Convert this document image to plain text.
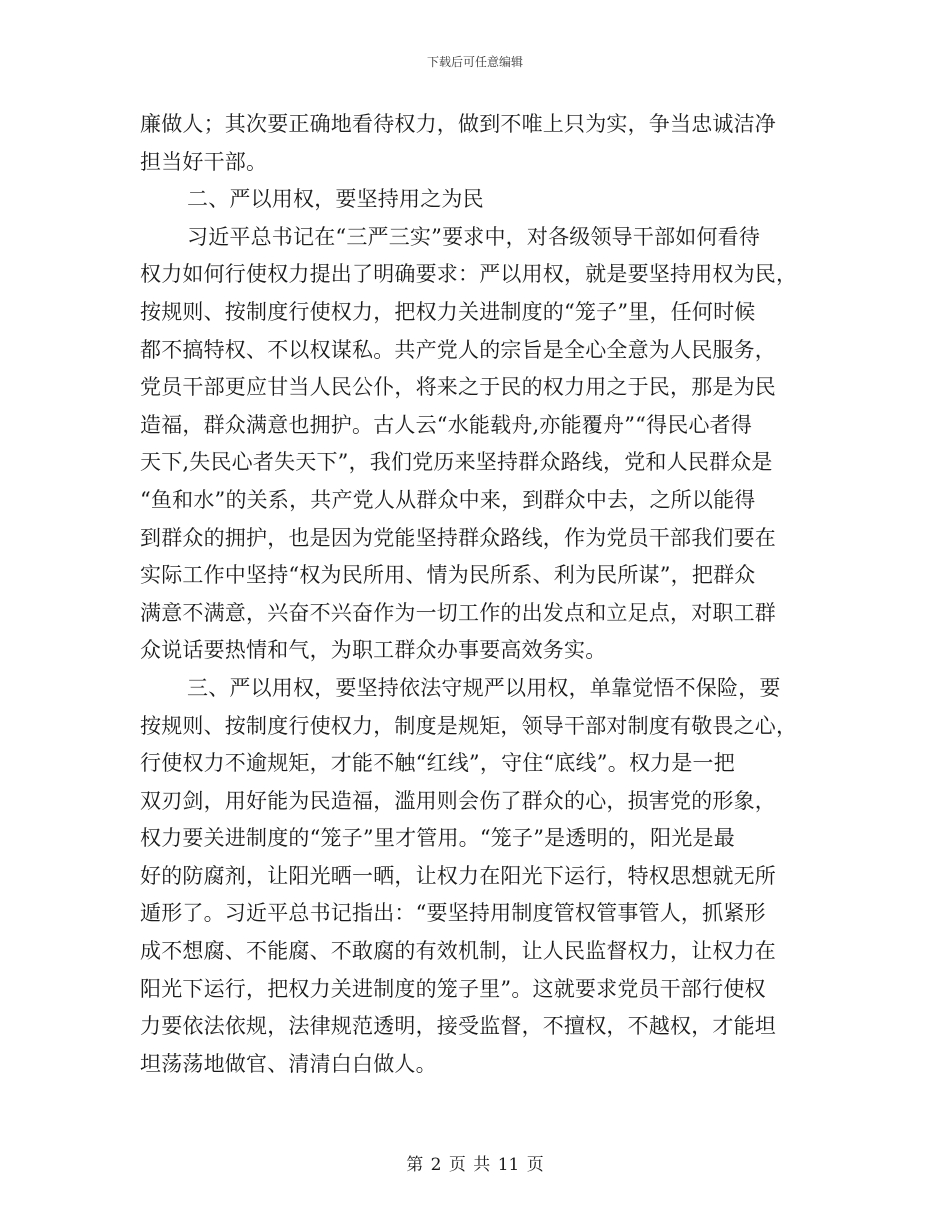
下载后可任意编辑
廉做人；其次要正确地看待权力，做到不唯上只为实，争当忠诚洁净
担当好干部。
二、严以用权，要坚持用之为民
习近平总书记在“三严三实”要求中，对各级领导干部如何看待
权力如何行使权力提出了明确要求：严以用权，就是要坚持用权为民，
按规则、按制度行使权力，把权力关进制度的“笼子”里，任何时候
都不搞特权、不以权谋私。共产党人的宗旨是全心全意为人民服务，
党员干部更应甘当人民公仆，将来之于民的权力用之于民，那是为民
造福，群众满意也拥护。古人云“水能载舟,亦能覆舟”“得民心者得
天下,失民心者失天下”，我们党历来坚持群众路线，党和人民群众是
“鱼和水”的关系，共产党人从群众中来，到群众中去，之所以能得
到群众的拥护，也是因为党能坚持群众路线，作为党员干部我们要在
实际工作中坚持“权为民所用、情为民所系、利为民所谋”，把群众
满意不满意，兴奋不兴奋作为一切工作的出发点和立足点，对职工群
众说话要热情和气，为职工群众办事要高效务实。
三、严以用权，要坚持依法守规严以用权，单靠觉悟不保险，要
按规则、按制度行使权力，制度是规矩，领导干部对制度有敬畏之心，
行使权力不逾规矩，才能不触“红线”，守住“底线”。权力是一把
双刃剑，用好能为民造福，滥用则会伤了群众的心，损害党的形象，
权力要关进制度的“笼子”里才管用。“笼子”是透明的，阳光是最
好的防腐剂，让阳光晒一晒，让权力在阳光下运行，特权思想就无所
遁形了。习近平总书记指出：“要坚持用制度管权管事管人，抓紧形
成不想腐、不能腐、不敢腐的有效机制，让人民监督权力，让权力在
阳光下运行，把权力关进制度的笼子里”。这就要求党员干部行使权
力要依法依规，法律规范透明，接受监督，不擅权，不越权，才能坦
坦荡荡地做官、清清白白做人。
第 2 页 共 11 页
